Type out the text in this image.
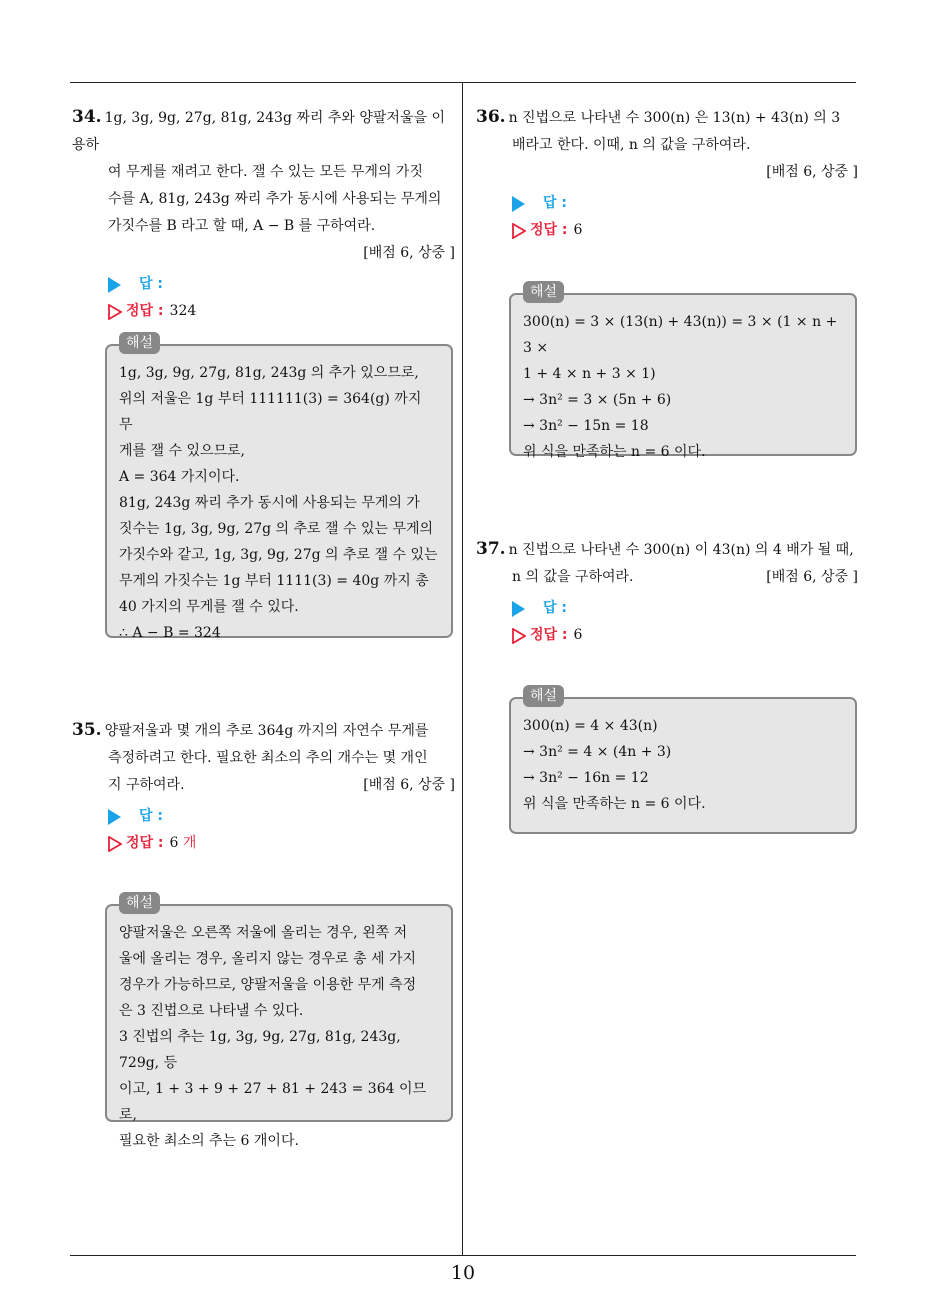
34. 1g, 3g, 9g, 27g, 81g, 243g 짜리 추와 양팔저울을 이용하

여 무게를 재려고 한다. 잴 수 있는 모든 무게의 가짓

수를 A, 81g, 243g 짜리 추가 동시에 사용되는 무게의

가짓수를 B 라고 할 때, A − B 를 구하여라.

[배점 6, 상중 ]

답 :
정답 : 324
해설

1g, 3g, 9g, 27g, 81g, 243g 의 추가 있으므로,

위의 저울은 1g 부터 111111(3) = 364(g) 까지 무

게를 잴 수 있으므로,

A = 364 가지이다.

81g, 243g 짜리 추가 동시에 사용되는 무게의 가

짓수는 1g, 3g, 9g, 27g 의 추로 잴 수 있는 무게의

가짓수와 같고, 1g, 3g, 9g, 27g 의 추로 잴 수 있는

무게의 가짓수는 1g 부터 1111(3) = 40g 까지 총

40 가지의 무게를 잴 수 있다.

∴ A − B = 324

35. 양팔저울과 몇 개의 추로 364g 까지의 자연수 무게를

측정하려고 한다. 필요한 최소의 추의 개수는 몇 개인

지 구하여라.	[배점 6, 상중 ]

답 :
정답 : 6
개
해설

양팔저울은 오른쪽 저울에 올리는 경우, 왼쪽 저

울에 올리는 경우, 올리지 않는 경우로 총 세 가지

경우가 가능하므로, 양팔저울을 이용한 무게 측정

은 3 진법으로 나타낼 수 있다.

3 진법의 추는 1g, 3g, 9g, 27g, 81g, 243g, 729g, 등

이고, 1 + 3 + 9 + 27 + 81 + 243 = 364 이므로,

필요한 최소의 추는 6 개이다.

36. n 진법으로 나타낸 수 300(n) 은 13(n) + 43(n) 의 3

배라고 한다. 이때, n 의 값을 구하여라.

[배점 6, 상중 ]

답 :
정답 : 6
해설

300(n) = 3 × (13(n) + 43(n)) = 3 × (1 × n + 3 ×

1 + 4 × n + 3 × 1)

→ 3n² = 3 × (5n + 6)

→ 3n² − 15n = 18

위 식을 만족하는 n = 6 이다.

37. n 진법으로 나타낸 수 300(n) 이 43(n) 의 4 배가 될 때,

n 의 값을 구하여라.	[배점 6, 상중 ]

답 :
정답 : 6
해설

300(n) = 4 × 43(n)

→ 3n² = 4 × (4n + 3)

→ 3n² − 16n = 12

위 식을 만족하는 n = 6 이다.

10
